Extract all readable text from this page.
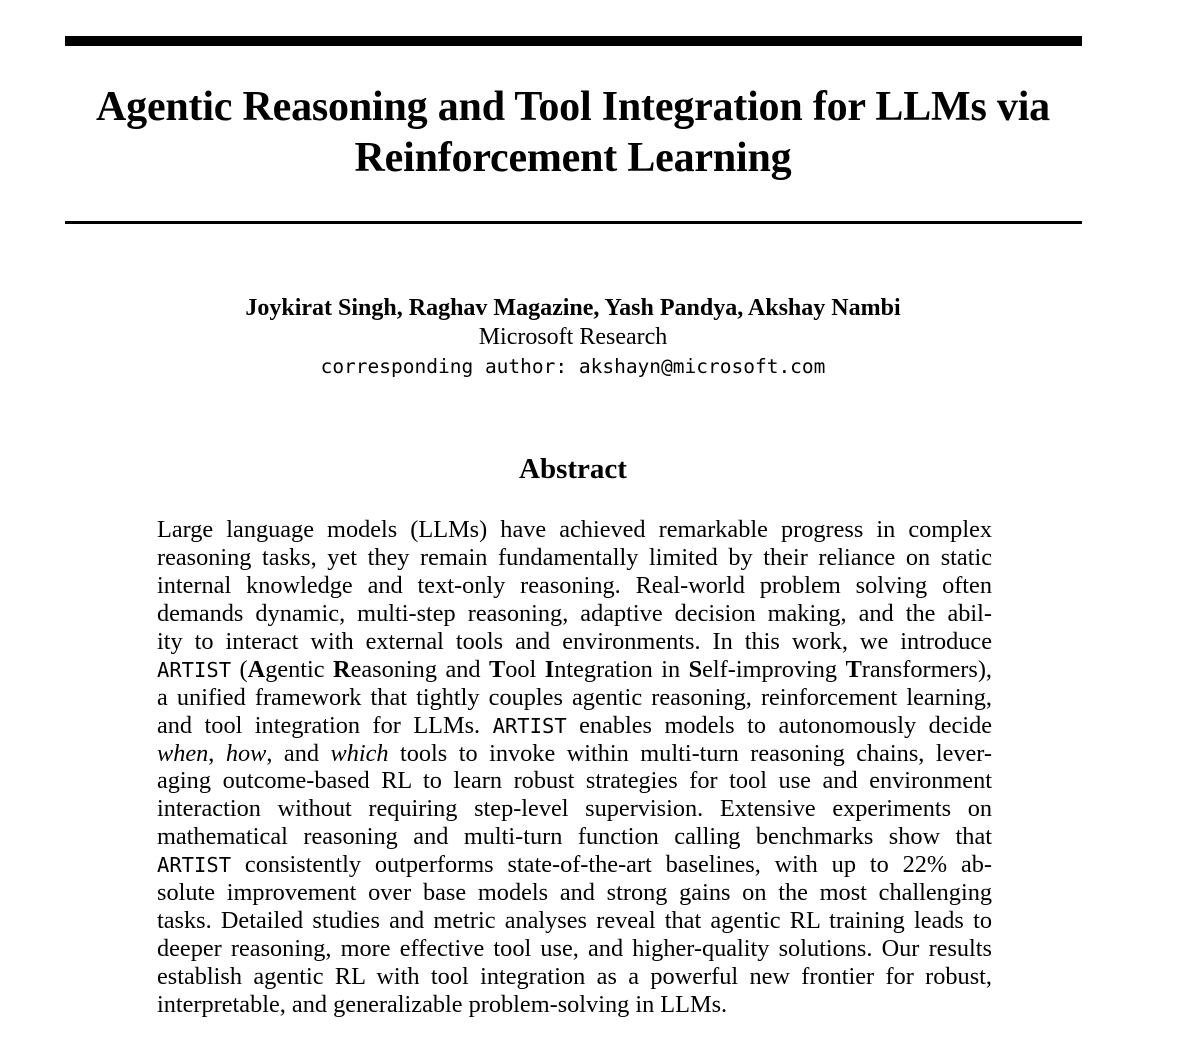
Agentic Reasoning and Tool Integration for LLMs via
Reinforcement Learning
Joykirat Singh, Raghav Magazine, Yash Pandya, Akshay Nambi
Microsoft Research
corresponding author: akshayn@microsoft.com
Abstract
Large language models (LLMs) have achieved remarkable progress in complex
reasoning tasks, yet they remain fundamentally limited by their reliance on static
internal knowledge and text-only reasoning. Real-world problem solving often
demands dynamic, multi-step reasoning, adaptive decision making, and the abil-
ity to interact with external tools and environments. In this work, we introduce
ARTIST (Agentic Reasoning and Tool Integration in Self-improving Transformers),
a unified framework that tightly couples agentic reasoning, reinforcement learning,
and tool integration for LLMs. ARTIST enables models to autonomously decide
when, how, and which tools to invoke within multi-turn reasoning chains, lever-
aging outcome-based RL to learn robust strategies for tool use and environment
interaction without requiring step-level supervision. Extensive experiments on
mathematical reasoning and multi-turn function calling benchmarks show that
ARTIST consistently outperforms state-of-the-art baselines, with up to 22% ab-
solute improvement over base models and strong gains on the most challenging
tasks. Detailed studies and metric analyses reveal that agentic RL training leads to
deeper reasoning, more effective tool use, and higher-quality solutions. Our results
establish agentic RL with tool integration as a powerful new frontier for robust,
interpretable, and generalizable problem-solving in LLMs.
